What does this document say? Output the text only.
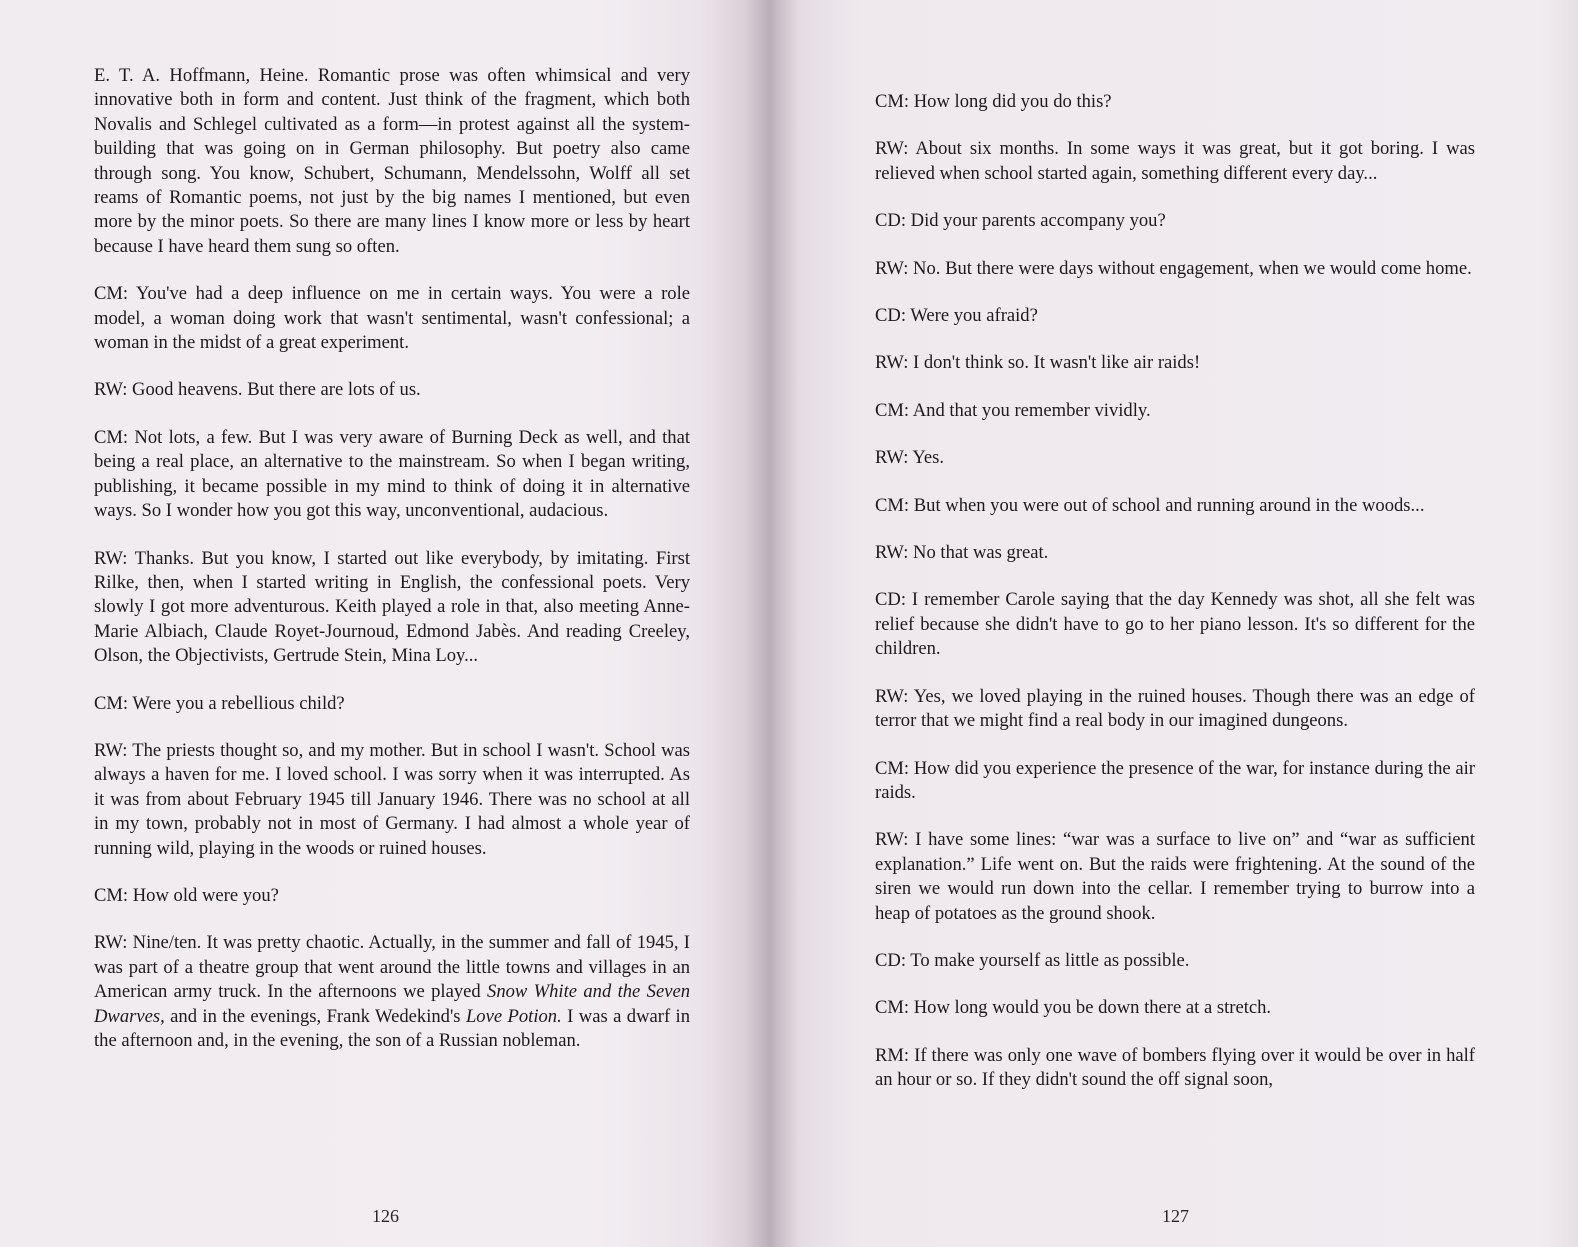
E. T. A. Hoffmann, Heine. Romantic prose was often whimsical and very innovative both in form and content. Just think of the fragment, which both Novalis and Schlegel cultivated as a form—in protest against all the system-building that was going on in German philosophy. But poetry also came through song. You know, Schubert, Schumann, Mendelssohn, Wolff all set reams of Romantic poems, not just by the big names I mentioned, but even more by the minor poets. So there are many lines I know more or less by heart because I have heard them sung so often.

CM: You've had a deep influence on me in certain ways. You were a role model, a woman doing work that wasn't sentimental, wasn't confessional; a woman in the midst of a great experiment.

RW: Good heavens. But there are lots of us.

CM: Not lots, a few. But I was very aware of Burning Deck as well, and that being a real place, an alternative to the mainstream. So when I began writing, publishing, it became possible in my mind to think of doing it in alternative ways. So I wonder how you got this way, unconventional, audacious.

RW: Thanks. But you know, I started out like everybody, by imitating. First Rilke, then, when I started writing in English, the confessional poets. Very slowly I got more adventurous. Keith played a role in that, also meeting Anne-Marie Albiach, Claude Royet-Journoud, Edmond Jabès. And reading Creeley, Olson, the Objectivists, Gertrude Stein, Mina Loy...

CM: Were you a rebellious child?

RW: The priests thought so, and my mother. But in school I wasn't. School was always a haven for me. I loved school. I was sorry when it was interrupted. As it was from about February 1945 till January 1946. There was no school at all in my town, probably not in most of Germany. I had almost a whole year of running wild, playing in the woods or ruined houses.

CM: How old were you?

RW: Nine/ten. It was pretty chaotic. Actually, in the summer and fall of 1945, I was part of a theatre group that went around the little towns and villages in an American army truck. In the afternoons we played Snow White and the Seven Dwarves, and in the evenings, Frank Wedekind's Love Potion. I was a dwarf in the afternoon and, in the evening, the son of a Russian nobleman.

126

CM: How long did you do this?

RW: About six months. In some ways it was great, but it got boring. I was relieved when school started again, something different every day...

CD: Did your parents accompany you?

RW: No. But there were days without engagement, when we would come home.

CD: Were you afraid?

RW: I don't think so. It wasn't like air raids!

CM: And that you remember vividly.

RW: Yes.

CM: But when you were out of school and running around in the woods...

RW: No that was great.

CD: I remember Carole saying that the day Kennedy was shot, all she felt was relief because she didn't have to go to her piano lesson. It's so different for the children.

RW: Yes, we loved playing in the ruined houses. Though there was an edge of terror that we might find a real body in our imagined dungeons.

CM: How did you experience the presence of the war, for instance during the air raids.

RW: I have some lines: “war was a surface to live on” and “war as sufficient explanation.” Life went on. But the raids were frightening. At the sound of the siren we would run down into the cellar. I remember trying to burrow into a heap of potatoes as the ground shook.

CD: To make yourself as little as possible.

CM: How long would you be down there at a stretch.

RM: If there was only one wave of bombers flying over it would be over in half an hour or so. If they didn't sound the off signal soon,

127
